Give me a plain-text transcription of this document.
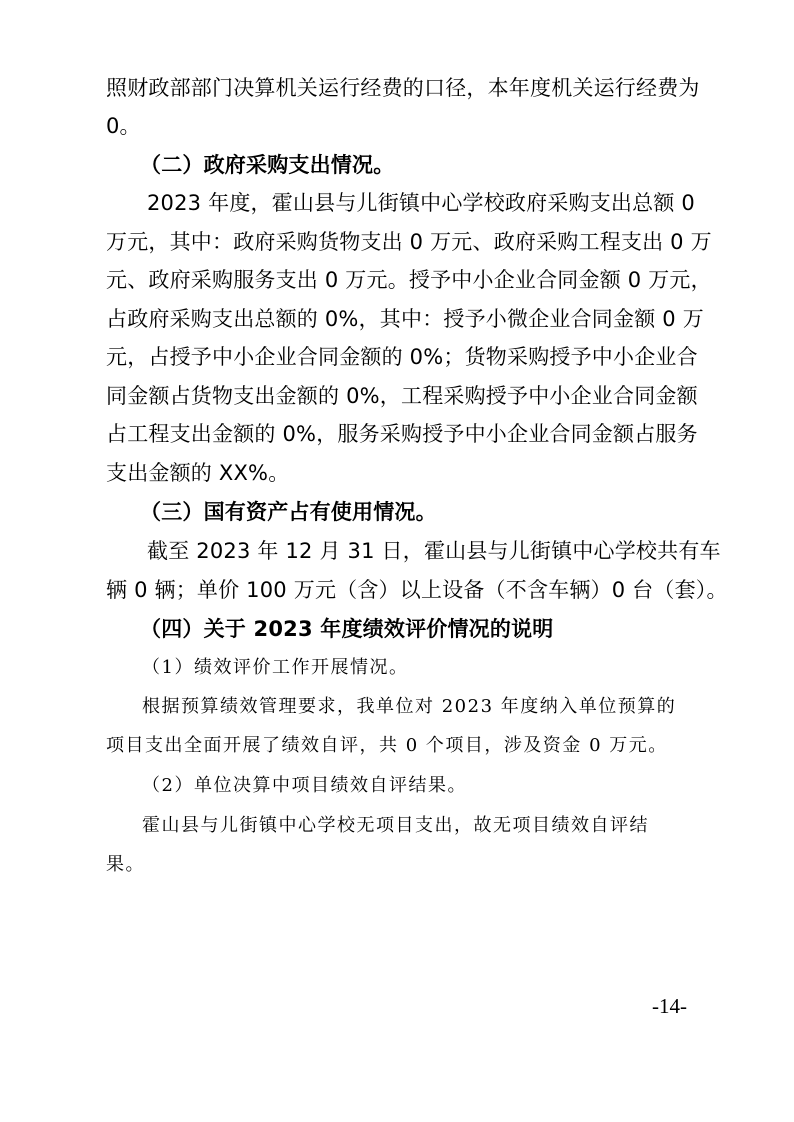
照财政部部门决算机关运行经费的口径，本年度机关运行经费为
0。
（二）政府采购支出情况。
2023 年度，霍山县与儿街镇中心学校政府采购支出总额 0
万元，其中：政府采购货物支出 0 万元、政府采购工程支出 0 万
元、政府采购服务支出 0 万元。授予中小企业合同金额 0 万元，
占政府采购支出总额的 0%，其中：授予小微企业合同金额 0 万
元，占授予中小企业合同金额的 0%；货物采购授予中小企业合
同金额占货物支出金额的 0%，工程采购授予中小企业合同金额
占工程支出金额的 0%，服务采购授予中小企业合同金额占服务
支出金额的 XX%。
（三）国有资产占有使用情况。
截至 2023 年 12 月 31 日，霍山县与儿街镇中心学校共有车
辆 0 辆；单价 100 万元（含）以上设备（不含车辆）0 台（套）。
（四）关于 2023 年度绩效评价情况的说明
（1）绩效评价工作开展情况。
根据预算绩效管理要求，我单位对 2023 年度纳入单位预算的
项目支出全面开展了绩效自评，共 0 个项目，涉及资金 0 万元。
（2）单位决算中项目绩效自评结果。
霍山县与儿街镇中心学校无项目支出，故无项目绩效自评结
果。
-14-
